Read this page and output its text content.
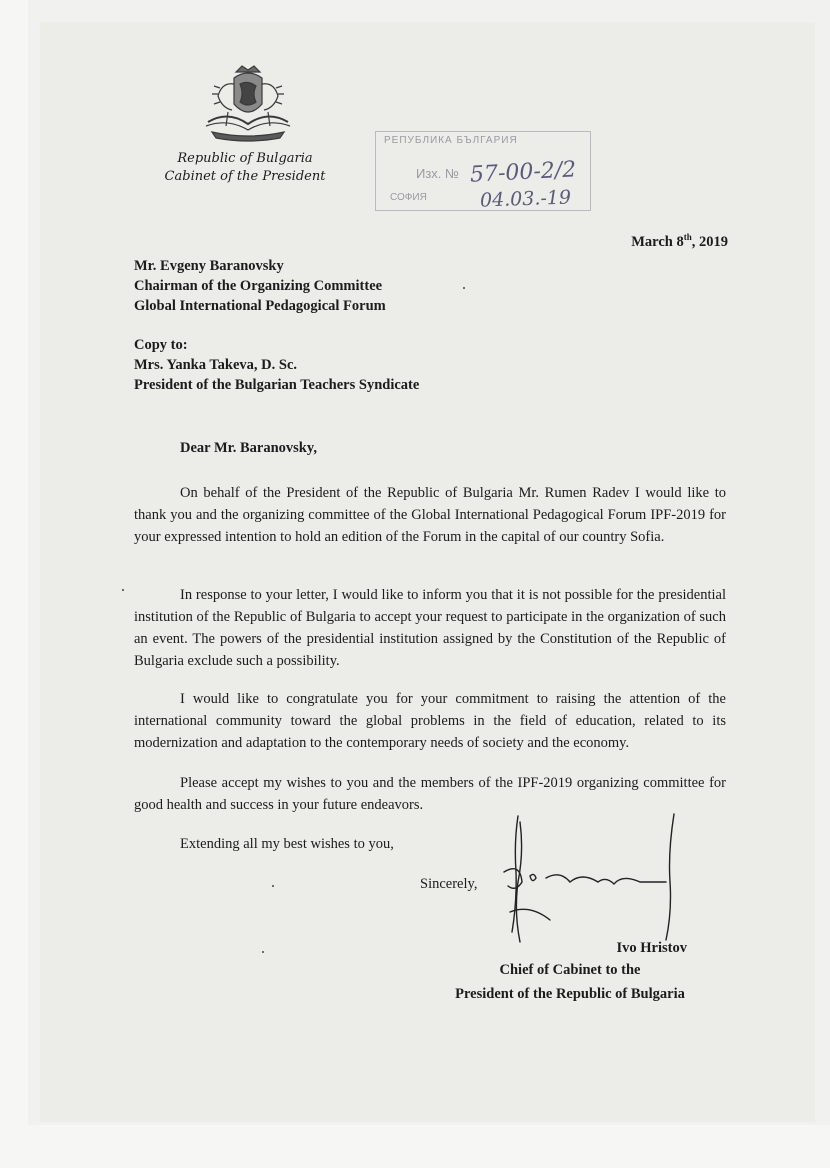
Republic of Bulgaria
Cabinet of the President
РЕПУБЛИКА БЪЛГАРИЯ
Изх. №
СОФИЯ
57-00-2/2
04.03.-19
March 8th, 2019
Mr. Evgeny Baranovsky
Chairman of the Organizing Committee
Global International Pedagogical Forum
Copy to:
Mrs. Yanka Takeva, D. Sc.
President of the Bulgarian Teachers Syndicate
Dear Mr. Baranovsky,
On behalf of the President of the Republic of Bulgaria Mr. Rumen Radev I would like to thank you and the organizing committee of the Global International Pedagogical Forum IPF-2019 for your expressed intention to hold an edition of the Forum in the capital of our country Sofia.
In response to your letter, I would like to inform you that it is not possible for the presidential institution of the Republic of Bulgaria to accept your request to participate in the organization of such an event. The powers of the presidential institution assigned by the Constitution of the Republic of Bulgaria exclude such a possibility.
I would like to congratulate you for your commitment to raising the attention of the international community toward the global problems in the field of education, related to its modernization and adaptation to the contemporary needs of society and the economy.
Please accept my wishes to you and the members of the IPF-2019 organizing committee for good health and success in your future endeavors.
Extending all my best wishes to you,
Sincerely,
Ivo Hristov
Chief of Cabinet to the
President of the Republic of Bulgaria
